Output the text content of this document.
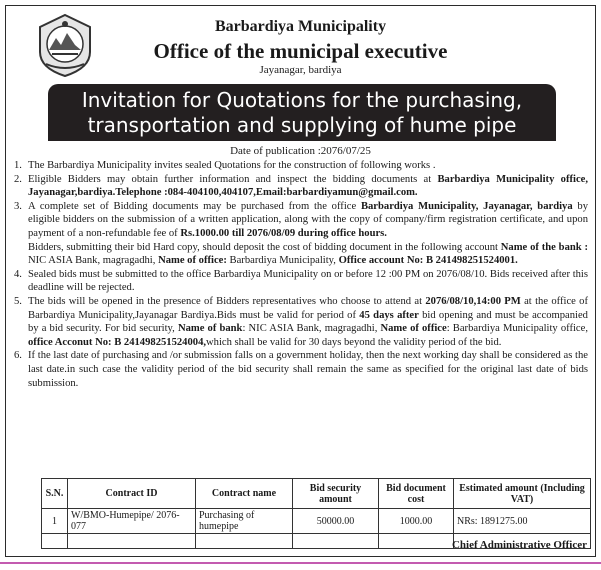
Barbardiya Municipality
Office of the municipal executive
Jayanagar, bardiya
Invitation for Quotations for the purchasing,
transportation and supplying of hume pipe
Date of publication :2076/07/25
1. The Barbardiya Municipality invites sealed Quotations for the construction of following works .
2. Eligible Bidders may obtain further information and inspect the bidding documents at Barbardiya Municipality office, Jayanagar,bardiya.Telephone :084-404100,404107,Email:barbardiyamun@gmail.com.
3. A complete set of Bidding documents may be purchased from the office Barbardiya Municipality, Jayanagar, bardiya by eligible bidders on the submission of a written application, along with the copy of company/firm registration certificate, and upon payment of a non-refundable fee of Rs.1000.00 till 2076/08/09 during office hours.
Bidders, submitting their bid Hard copy, should deposit the cost of bidding document in the following account Name of the bank : NIC ASIA Bank, magragadhi, Name of office: Barbardiya Municipality, Office account No: B 241498251524001.
4. Sealed bids must be submitted to the office Barbardiya Municipality on or before 12 :00 PM on 2076/08/10. Bids received after this deadline will be rejected.
5. The bids will be opened in the presence of Bidders representatives who choose to attend at 2076/08/10,14:00 PM at the office of Barbardiya Municipality,Jayanagar Bardiya.Bids must be valid for period of 45 days after bid opening and must be accompanied by a bid security. For bid security, Name of bank: NIC ASIA Bank, magragadhi, Name of office: Barbardiya Municipality office, office Acconut No: B 241498251524004,which shall be valid for 30 days beyond the validity period of the bid.
6. If the last date of purchasing and /or submission falls on a government holiday, then the next working day shall be considered as the last date.in such case the validity period of the bid security shall remain the same as specified for the original last date of bids submission.
S.N.	Contract ID	Contract name	Bid security amount	Bid document cost	Estimated amount (Including VAT)
1	W/BMO-Humepipe/ 2076-077	Purchasing of humepipe	50000.00	1000.00	NRs: 1891275.00

Chief Administrative Officer
